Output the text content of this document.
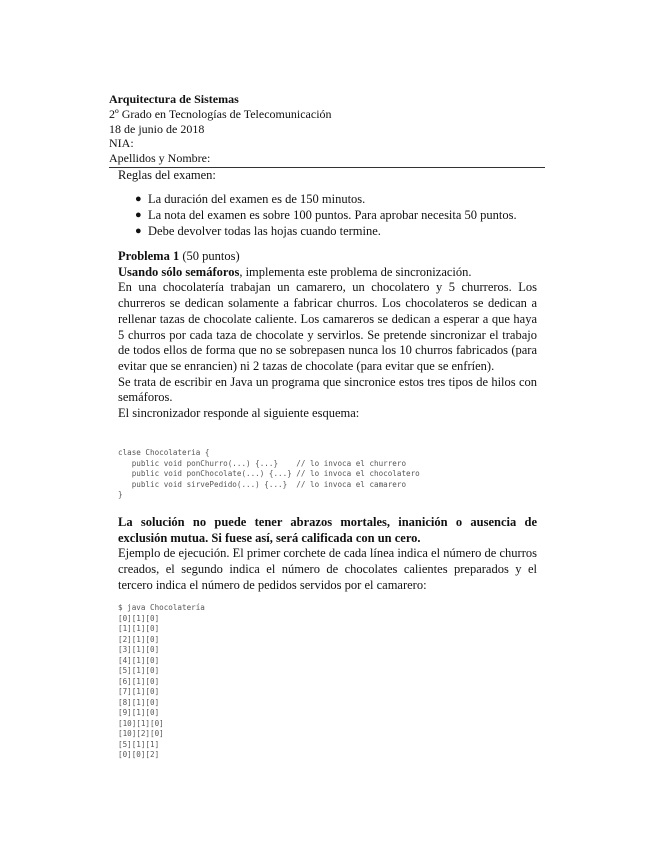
Arquitectura de Sistemas
2º Grado en Tecnologías de Telecomunicación
18 de junio de 2018
NIA:
Apellidos y Nombre:
Reglas del examen:
● La duración del examen es de 150 minutos.
● La nota del examen es sobre 100 puntos. Para aprobar necesita 50 puntos.
● Debe devolver todas las hojas cuando termine.

Problema 1 (50 puntos)

Usando sólo semáforos, implementa este problema de sincronización.

En una chocolatería trabajan un camarero, un chocolatero y 5 churreros. Los churreros se dedican solamente a fabricar churros. Los chocolateros se dedican a rellenar tazas de chocolate caliente. Los camareros se dedican a esperar a que haya 5 churros por cada taza de chocolate y servirlos. Se pretende sincronizar el trabajo de todos ellos de forma que no se sobrepasen nunca los 10 churros fabricados (para evitar que se enrancien) ni 2 tazas de chocolate (para evitar que se enfríen).

Se trata de escribir en Java un programa que sincronice estos tres tipos de hilos con semáforos.

El sincronizador responde al siguiente esquema:

clase Chocolateria {
public void ponChurro(...) {...}    // lo invoca el churrero
public void ponChocolate(...) {...} // lo invoca el chocolatero
public void sirvePedido(...) {...}  // lo invoca el camarero
}

La solución no puede tener abrazos mortales, inanición o ausencia de exclusión mutua. Si fuese así, será calificada con un cero.

Ejemplo de ejecución. El primer corchete de cada línea indica el número de churros creados, el segundo indica el número de chocolates calientes preparados y el tercero indica el número de pedidos servidos por el camarero:

$ java Chocolatería
[0][1][0]
[1][1][0]
[2][1][0]
[3][1][0]
[4][1][0]
[5][1][0]
[6][1][0]
[7][1][0]
[8][1][0]
[9][1][0]
[10][1][0]
[10][2][0]
[5][1][1]
[0][0][2]
